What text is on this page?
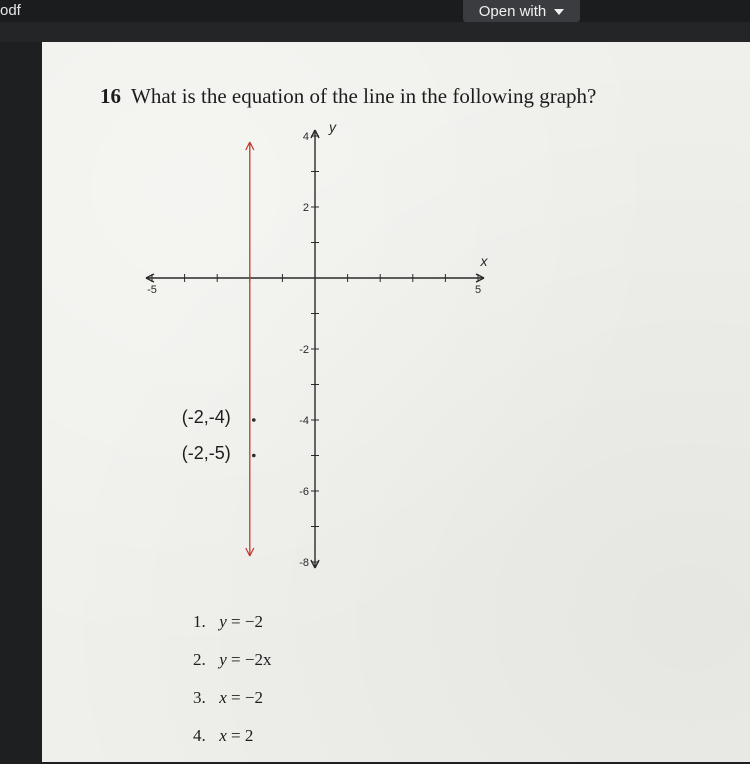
odf	Open with
16 What is the equation of the line in the following graph?
x
y
-5	5
4
2
-2
-4
-6
-8
1. y = −2
2. y = −2x
3. x = −2
4. x = 2
(-2,-4)
(-2,-5)
